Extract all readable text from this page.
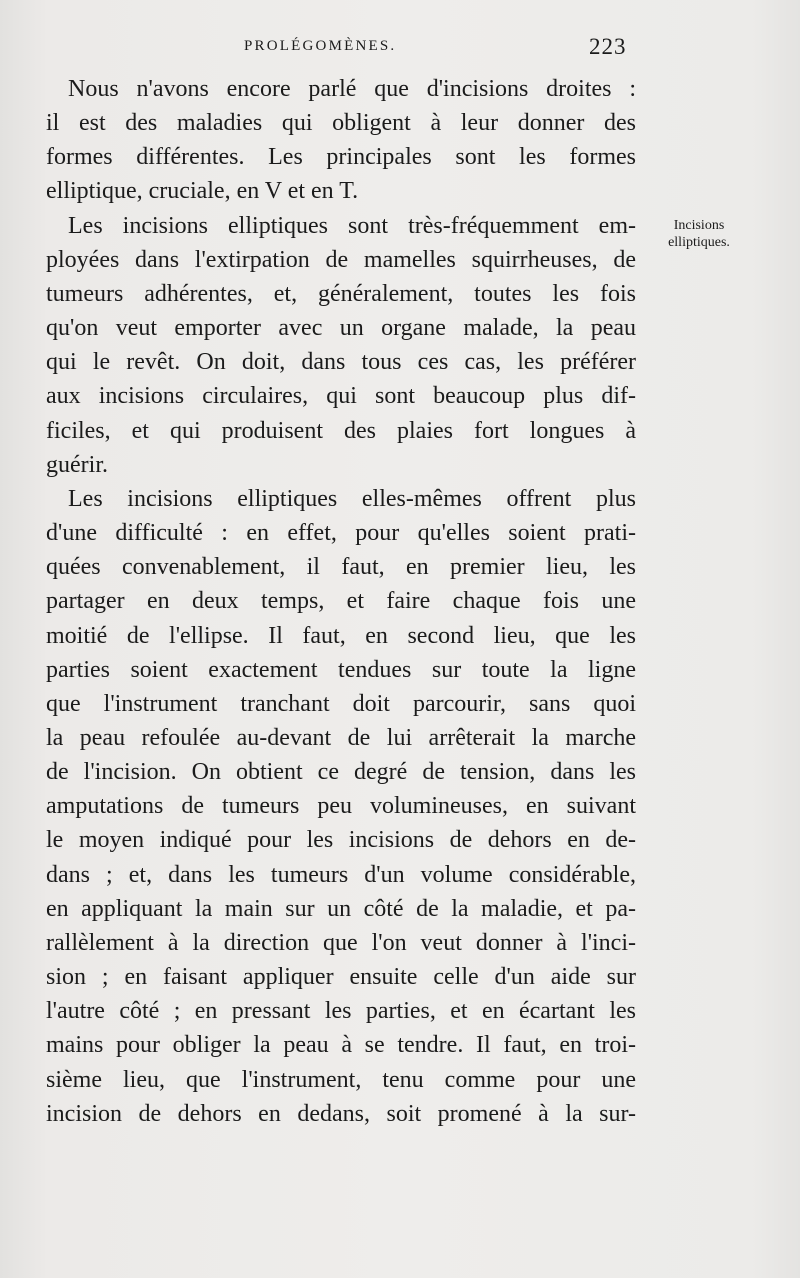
PROLÉGOMÈNES.	223
Incisions
elliptiques.
Nous n'avons encore parlé que d'incisions droites :
il est des maladies qui obligent à leur donner des
formes différentes. Les principales sont les formes
elliptique, cruciale, en V et en T.
Les incisions elliptiques sont très-fréquemment em-
ployées dans l'extirpation de mamelles squirrheuses, de
tumeurs adhérentes, et, généralement, toutes les fois
qu'on veut emporter avec un organe malade, la peau
qui le revêt. On doit, dans tous ces cas, les préférer
aux incisions circulaires, qui sont beaucoup plus dif-
ficiles, et qui produisent des plaies fort longues à
guérir.
Les incisions elliptiques elles-mêmes offrent plus
d'une difficulté : en effet, pour qu'elles soient prati-
quées convenablement, il faut, en premier lieu, les
partager en deux temps, et faire chaque fois une
moitié de l'ellipse. Il faut, en second lieu, que les
parties soient exactement tendues sur toute la ligne
que l'instrument tranchant doit parcourir, sans quoi
la peau refoulée au-devant de lui arrêterait la marche
de l'incision. On obtient ce degré de tension, dans les
amputations de tumeurs peu volumineuses, en suivant
le moyen indiqué pour les incisions de dehors en de-
dans ; et, dans les tumeurs d'un volume considérable,
en appliquant la main sur un côté de la maladie, et pa-
rallèlement à la direction que l'on veut donner à l'inci-
sion ; en faisant appliquer ensuite celle d'un aide sur
l'autre côté ; en pressant les parties, et en écartant les
mains pour obliger la peau à se tendre. Il faut, en troi-
sième lieu, que l'instrument, tenu comme pour une
incision de dehors en dedans, soit promené à la sur-
